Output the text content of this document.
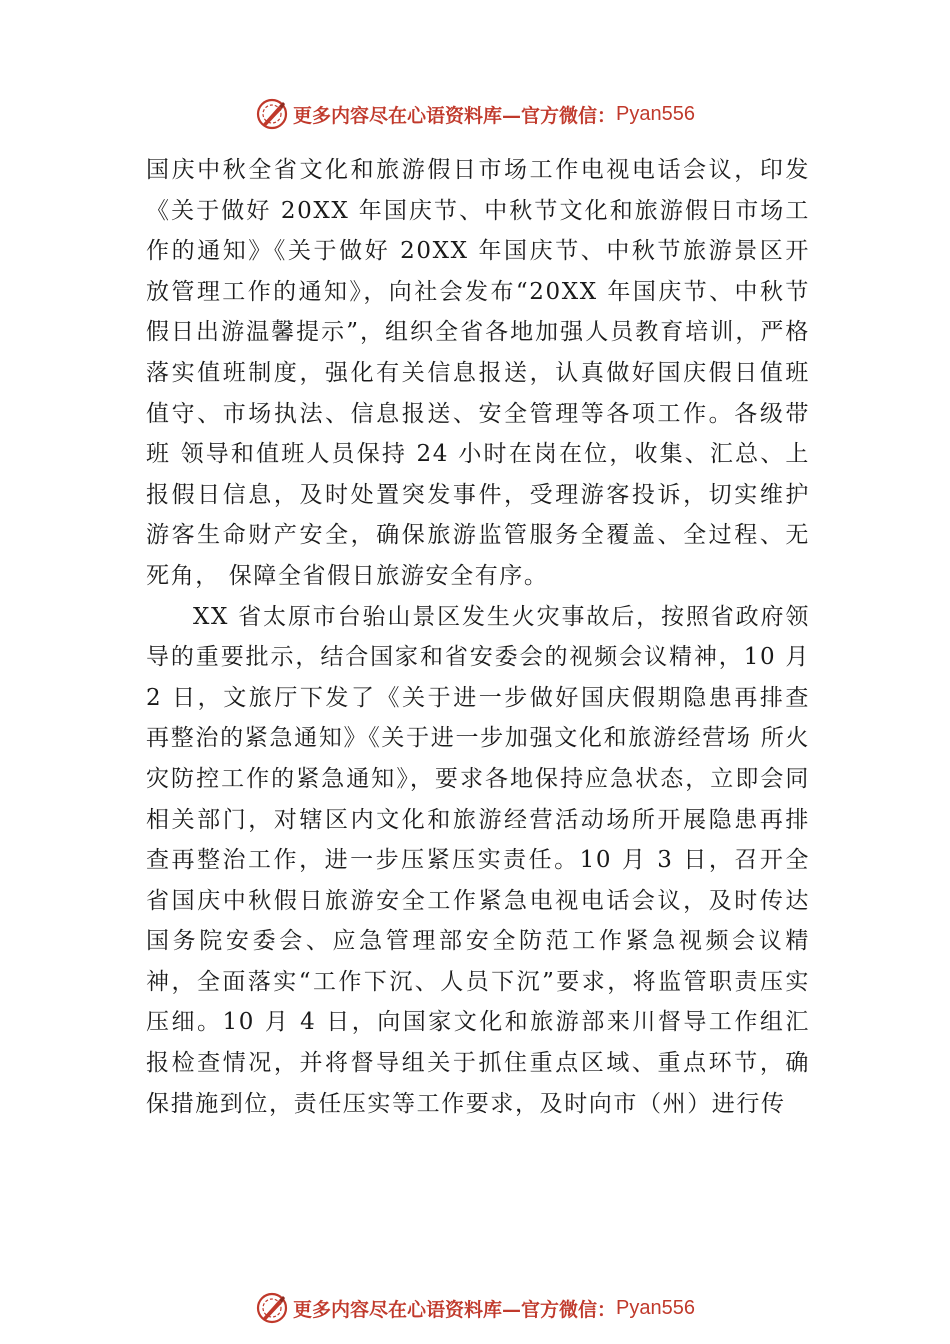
更多内容尽在心语资料库 —官方微信： Pyan556

国庆中秋全省文化和旅游假日市场工作电视电话会议，印发《关于做好 20XX 年国庆节、中秋节文化和旅游假日市场工作的通知》《关于做好 20XX 年国庆节、中秋节旅游景区开放管理工作的通知》，向社会发布“20XX 年国庆节、中秋节假日出游温馨提示”，组织全省各地加强人员教育培训，严格落实值班制度，强化有关信息报送，认真做好国庆假日值班值守、市场执法、信息报送、安全管理等各项工作。各级带班 领导和值班人员保持 24 小时在岗在位，收集、汇总、上报假日信息，及时处置突发事件，受理游客投诉，切实维护游客生命财产安全，确保旅游监管服务全覆盖、全过程、无死角， 保障全省假日旅游安全有序。

XX 省太原市台骀山景区发生火灾事故后，按照省政府领导的重要批示，结合国家和省安委会的视频会议精神，10 月 2 日，文旅厅下发了《关于进一步做好国庆假期隐患再排查再整治的紧急通知》《关于进一步加强文化和旅游经营场 所火灾防控工作的紧急通知》，要求各地保持应急状态，立即会同相关部门，对辖区内文化和旅游经营活动场所开展隐患再排查再整治工作，进一步压紧压实责任。10 月 3 日，召开全省国庆中秋假日旅游安全工作紧急电视电话会议，及时传达国务院安委会、应急管理部安全防范工作紧急视频会议精神，全面落实“工作下沉、人员下沉”要求，将监管职责压实压细。10 月 4 日，向国家文化和旅游部来川督导工作组汇报检查情况，并将督导组关于抓住重点区域、重点环节，确保措施到位，责任压实等工作要求，及时向市（州）进行传

更多内容尽在心语资料库 —官方微信： Pyan556
